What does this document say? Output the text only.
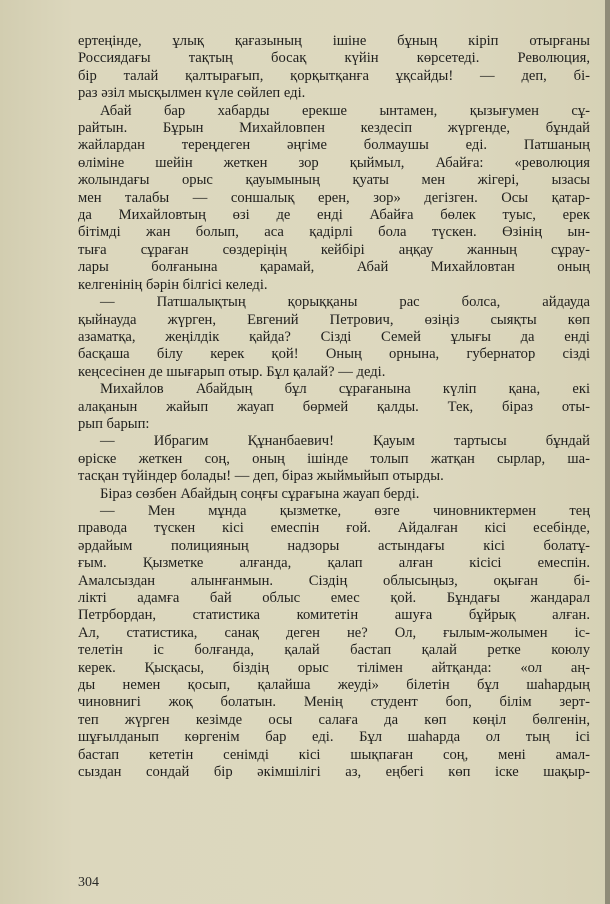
ертеңінде, ұлық қағазының ішіне бұның кіріп отырғаны
Россиядағы тақтың босақ күйін көрсетеді. Революция,
бір талай қалтырағып, қорқытқанға ұқсайды! — деп, бі-
раз әзіл мысқылмен күле сөйлеп еді.
Абай бар хабарды ерекше ынтамен, қызығумен сұ-
райтын. Бұрын Михайловпен кездесіп жүргенде, бұндай
жайлардан тереңдеген әңгіме болмаушы еді. Патшаның
өліміне шейін жеткен зор қыймыл, Абайға: «революция
жолындағы орыс қауымының қуаты мен жігері, ызасы
мен талабы — соншалық ерен, зор» дегізген. Осы қатар-
да Михайловтың өзі де енді Абайға бөлек туыс, ерек
бітімді жан болып, аса қадірлі бола түскен. Өзінің ын-
тыға сұраған сөздеріңің кейбірі аңқау жанның сұрау-
лары болғанына қарамай, Абай Михайловтан оның
келгенінің бәрін білгісі келеді.
— Патшалықтың қорыққаны рас болса, айдауда
қыйнауда жүрген, Евгений Петрович, өзіңіз сыяқты көп
азаматқа, жеңілдік қайда? Сізді Семей ұлығы да енді
басқаша білу керек қой! Оның орнына, губернатор сізді
кеңсесінен де шығарып отыр. Бұл қалай? — деді.
Михайлов Абайдың бұл сұрағанына күліп қана, екі
алақанын жайып жауап бөрмей қалды. Тек, біраз оты-
рып барып:
— Ибрагим Құнанбаевич! Қауым тартысы бұндай
өріске жеткен соң, оның ішінде толып жатқан сырлар, ша-
тасқан түйіндер болады! — деп, біраз жыймыйып отырды.
Біраз сөзбен Абайдың соңғы сұрағына жауап берді.
— Мен мұнда қызметке, өзге чиновниктермен тең
правода түскен кісі емеспін ғой. Айдалған кісі есебінде,
әрдайым полицияның надзоры астындағы кісі болатұ-
ғым. Қызметке алғанда, қалап алған кісісі емеспін.
Амалсыздан алынғанмын. Сіздің облысыңыз, оқыған бі-
лікті адамға бай облыс емес қой. Бұндағы жандарал
Петрбордан, статистика комитетін ашуға бұйрық алған.
Ал, статистика, санақ деген не? Ол, ғылым-жолымен іс-
телетін іс болғанда, қалай бастап қалай ретке коюлу
керек. Қысқасы, біздің орыс тілімен айтқанда: «ол аң-
ды немен қосып, қалайша жеуді» білетін бұл шаһардың
чиновнигі жоқ болатын. Менің студент боп, білім зерт-
теп жүрген кезімде осы салаға да көп көңіл бөлгенін,
шұғылданып көргенім бар еді. Бұл шаһарда ол тың ісі
бастап кететін сенімді кісі шықпаған соң, мені амал-
сыздан сондай бір әкімшілігі аз, еңбегі көп іске шақыр-
304
